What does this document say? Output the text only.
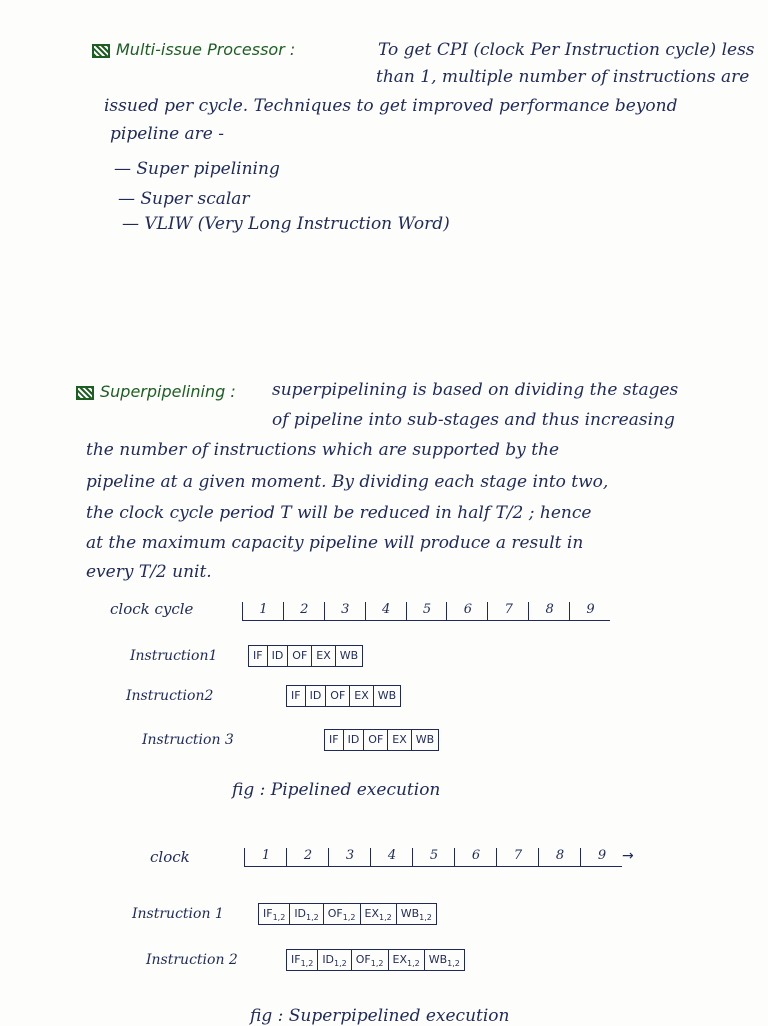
Multi-issue Processor :	To get CPI (clock Per Instruction cycle) less
than 1, multiple number of instructions are
issued per cycle. Techniques to get improved performance beyond
pipeline are -
— Super pipelining
— Super scalar
— VLIW (Very Long Instruction Word)
Superpipelining : superpipelining is based on dividing the stages
of pipeline into sub-stages and thus increasing
the number of instructions which are supported by the
pipeline at a given moment. By dividing each stage into two,
the clock cycle period T will be reduced in half T/2 ; hence
at the maximum capacity pipeline will produce a result in
every T/2 unit.
clock cycle	1	2	3	4	5	6	7	8	9
Instruction1	IF ID OF EX WB
Instruction2	IF ID OF EX WB
Instruction 3	IF ID OF EX WB
fig : Pipelined execution
clock	1	2	3	4	5	6	7	8	9	→
Instruction 1	$IF_{1,2}$ $ID_{1,2}$ $OF_{1,2}$ $EX_{1,2}$ $WB_{1,2}$
Instruction 2	$IF_{1,2}$ $ID_{1,2}$ $OF_{1,2}$ $EX_{1,2}$ $WB_{1,2}$
fig : Superpipelined execution
